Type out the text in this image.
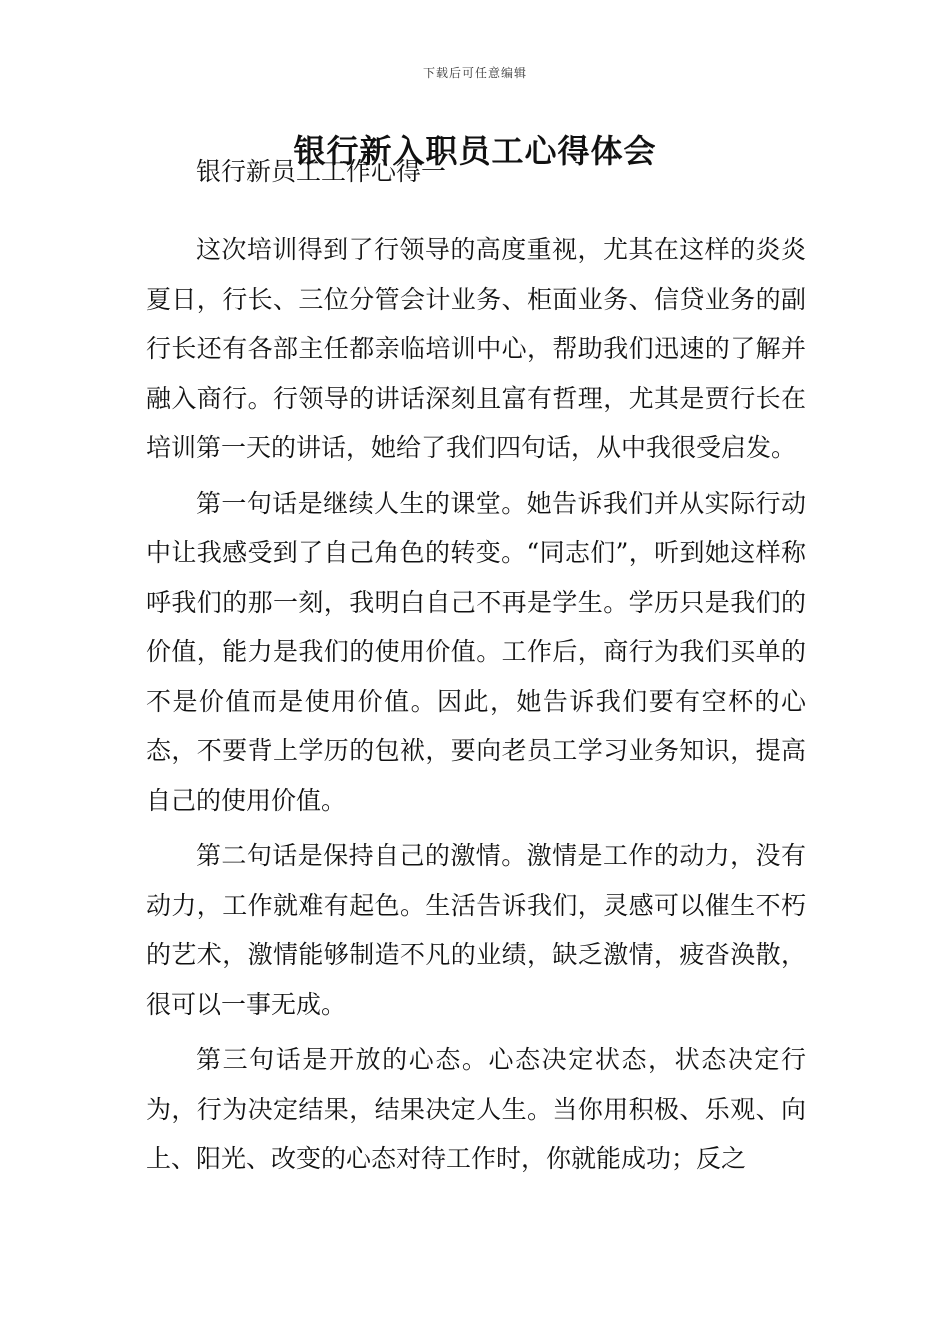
下载后可任意编辑
银行新入职员工心得体会

银行新员工工作心得一

这次培训得到了行领导的高度重视，尤其在这样的炎炎夏日，行长、三位分管会计业务、柜面业务、信贷业务的副行长还有各部主任都亲临培训中心，帮助我们迅速的了解并融入商行。行领导的讲话深刻且富有哲理，尤其是贾行长在培训第一天的讲话，她给了我们四句话，从中我很受启发。

第一句话是继续人生的课堂。她告诉我们并从实际行动中让我感受到了自己角色的转变。“同志们”，听到她这样称呼我们的那一刻，我明白自己不再是学生。学历只是我们的价值，能力是我们的使用价值。工作后，商行为我们买单的不是价值而是使用价值。因此，她告诉我们要有空杯的心态，不要背上学历的包袱，要向老员工学习业务知识，提高自己的使用价值。

第二句话是保持自己的激情。激情是工作的动力，没有动力，工作就难有起色。生活告诉我们，灵感可以催生不朽的艺术，激情能够制造不凡的业绩，缺乏激情，疲沓涣散，很可以一事无成。

第三句话是开放的心态。心态决定状态，状态决定行为，行为决定结果，结果决定人生。当你用积极、乐观、向上、阳光、改变的心态对待工作时，你就能成功；反之
